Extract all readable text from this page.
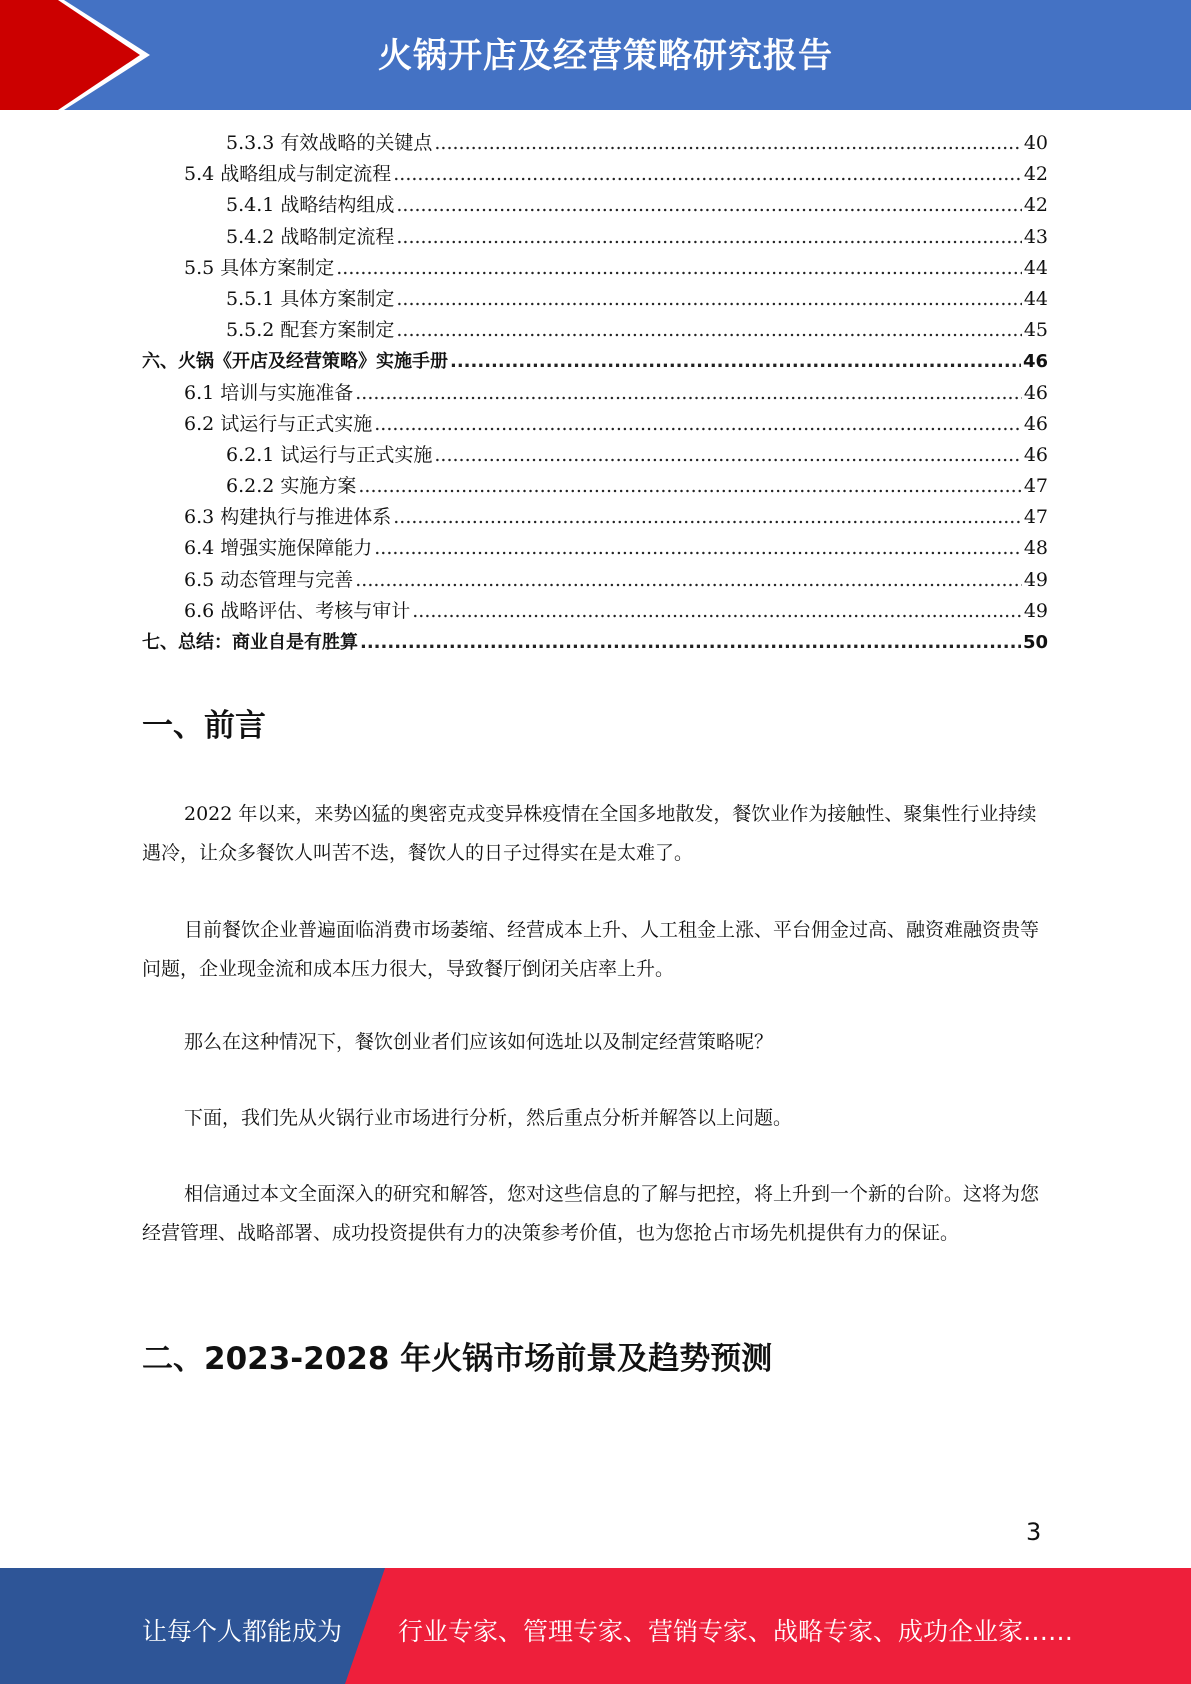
火锅开店及经营策略研究报告
5.3.3 有效战略的关键点 .....	40
5.4 战略组成与制定流程 .....	42
5.4.1 战略结构组成 .....	42
5.4.2 战略制定流程 .....	43
5.5 具体方案制定 .....	44
5.5.1 具体方案制定 .....	44
5.5.2 配套方案制定 .....	45
六、火锅《开店及经营策略》实施手册 .....	46
6.1 培训与实施准备 .....	46
6.2 试运行与正式实施 .....	46
6.2.1 试运行与正式实施 .....	46
6.2.2 实施方案 .....	47
6.3 构建执行与推进体系 .....	47
6.4 增强实施保障能力 .....	48
6.5 动态管理与完善 .....	49
6.6 战略评估、考核与审计 .....	49
七、总结：商业自是有胜算 .....	50
一、前言

2022 年以来，来势凶猛的奥密克戎变异株疫情在全国多地散发，餐饮业作为接触性、聚集性行业持续遇冷，让众多餐饮人叫苦不迭，餐饮人的日子过得实在是太难了。

目前餐饮企业普遍面临消费市场萎缩、经营成本上升、人工租金上涨、平台佣金过高、融资难融资贵等问题，企业现金流和成本压力很大，导致餐厅倒闭关店率上升。

那么在这种情况下，餐饮创业者们应该如何选址以及制定经营策略呢？

下面，我们先从火锅行业市场进行分析，然后重点分析并解答以上问题。

相信通过本文全面深入的研究和解答，您对这些信息的了解与把控，将上升到一个新的台阶。这将为您经营管理、战略部署、成功投资提供有力的决策参考价值，也为您抢占市场先机提供有力的保证。

二、2023-2028 年火锅市场前景及趋势预测
3
让每个人都能成为 行业专家、管理专家、营销专家、战略专家、成功企业家……
